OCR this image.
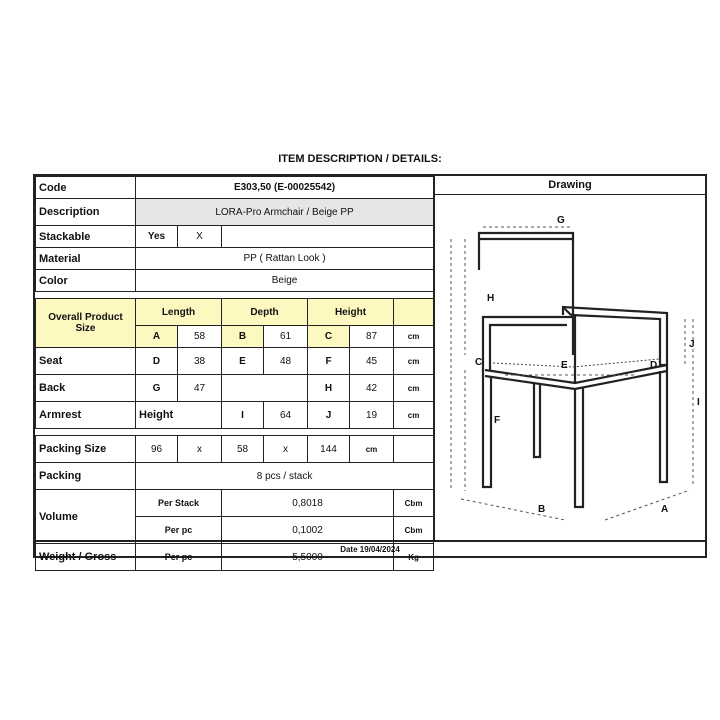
ITEM DESCRIPTION / DETAILS:
Code	E303,50 (E-00025542)						
Description	LORA-Pro Armchair / Beige PP						
Stackable	Yes	X					
Material	PP ( Rattan Look )						
Color	Beige						

Overall Product
Size	Length		Depth		Height		
	A	58	B	61	C	87	cm
Seat	D	38	E	48	F	45	cm
Back	G	47			H	42	cm
Armrest	Height		I	64	J	19	cm

Packing Size	96	x	58	x	144	cm	
Packing	8 pcs / stack						
Volume	Per Stack		0,8018				Cbm
	Per pc		0,1002				Cbm
Weight / Gross	Per pc		5,5000				Kg
Drawing
G
H
C	E	D
J
I
F
B	A
Date 19/04/2024
